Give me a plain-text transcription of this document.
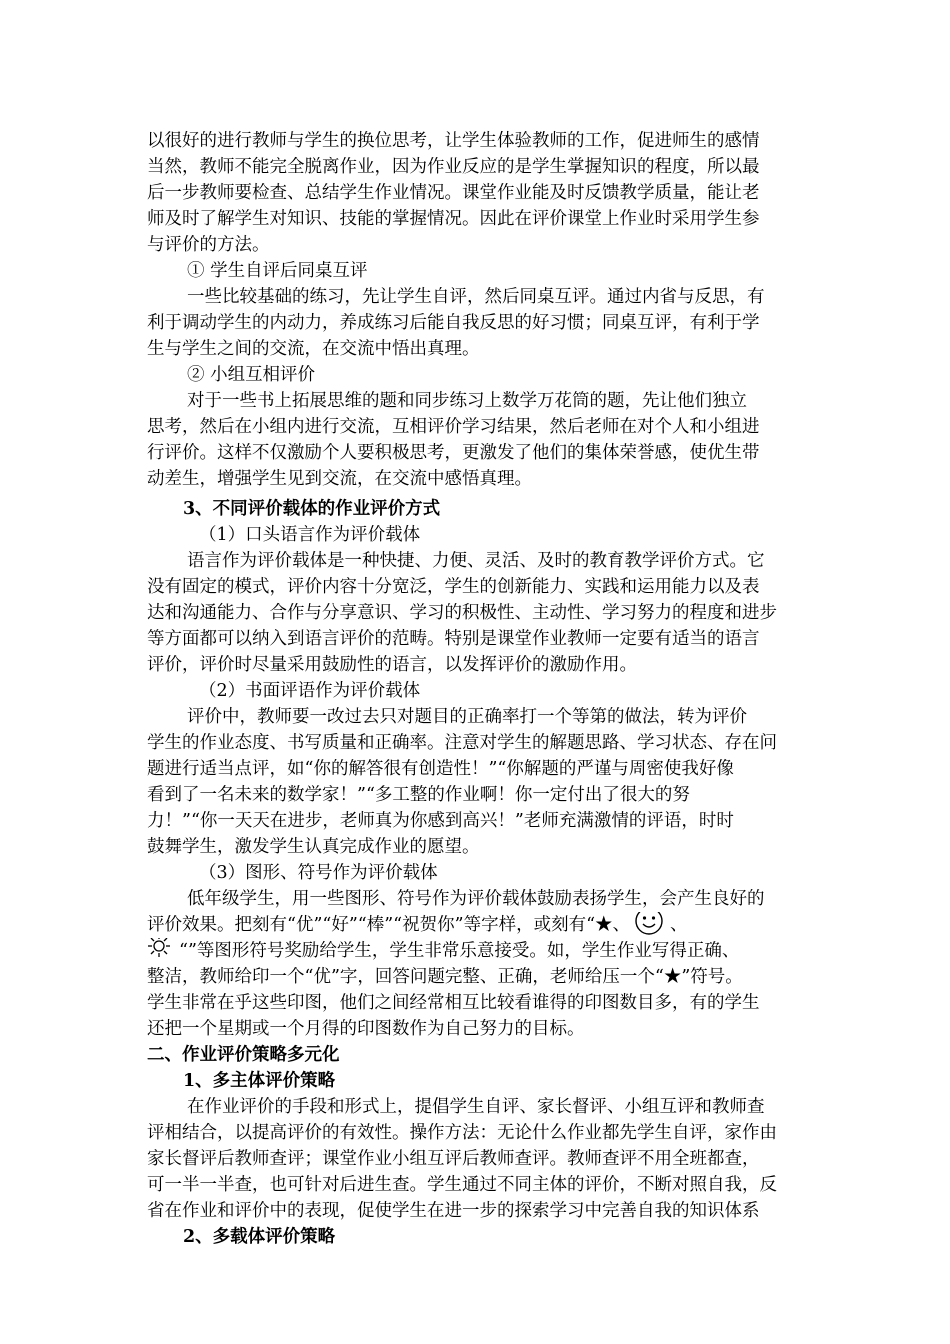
以很好的进行教师与学生的换位思考，让学生体验教师的工作，促进师生的感情
当然，教师不能完全脱离作业，因为作业反应的是学生掌握知识的程度，所以最
后一步教师要检查、总结学生作业情况。课堂作业能及时反馈教学质量，能让老
师及时了解学生对知识、技能的掌握情况。因此在评价课堂上作业时采用学生参
与评价的方法。
① 学生自评后同桌互评
一些比较基础的练习，先让学生自评，然后同桌互评。通过内省与反思，有
利于调动学生的内动力，养成练习后能自我反思的好习惯；同桌互评，有利于学
生与学生之间的交流，在交流中悟出真理。
② 小组互相评价
对于一些书上拓展思维的题和同步练习上数学万花筒的题，先让他们独立
思考，然后在小组内进行交流，互相评价学习结果，然后老师在对个人和小组进
行评价。这样不仅激励个人要积极思考，更激发了他们的集体荣誉感，使优生带
动差生，增强学生见到交流，在交流中感悟真理。
3、不同评价载体的作业评价方式
（1）口头语言作为评价载体
语言作为评价载体是一种快捷、力便、灵活、及时的教育教学评价方式。它
没有固定的模式，评价内容十分宽泛，学生的创新能力、实践和运用能力以及表
达和沟通能力、合作与分享意识、学习的积极性、主动性、学习努力的程度和进步
等方面都可以纳入到语言评价的范畴。特别是课堂作业教师一定要有适当的语言
评价，评价时尽量采用鼓励性的语言，以发挥评价的激励作用。
（2）书面评语作为评价载体
评价中，教师要一改过去只对题目的正确率打一个等第的做法，转为评价
学生的作业态度、书写质量和正确率。注意对学生的解题思路、学习状态、存在问
题进行适当点评，如“你的解答很有创造性！”“你解题的严谨与周密使我好像
看到了一名未来的数学家！”“多工整的作业啊！你一定付出了很大的努
力！”“你一天天在进步，老师真为你感到高兴！”老师充满激情的评语，时时
鼓舞学生，激发学生认真完成作业的愿望。
（3）图形、符号作为评价载体
低年级学生，用一些图形、符号作为评价载体鼓励表扬学生，会产生良好的
评价效果。把刻有“优”“好”“棒”“祝贺你”等字样，或刻有“★、 、
“”等图形符号奖励给学生，学生非常乐意接受。如，学生作业写得正确、
整洁，教师给印一个“优”字，回答问题完整、正确，老师给压一个“★”符号。
学生非常在乎这些印图，他们之间经常相互比较看谁得的印图数目多，有的学生
还把一个星期或一个月得的印图数作为自己努力的目标。
二、作业评价策略多元化
1、多主体评价策略
在作业评价的手段和形式上，提倡学生自评、家长督评、小组互评和教师查
评相结合，以提高评价的有效性。操作方法：无论什么作业都先学生自评，家作由
家长督评后教师查评；课堂作业小组互评后教师查评。教师查评不用全班都查，
可一半一半查，也可针对后进生查。学生通过不同主体的评价，不断对照自我，反
省在作业和评价中的表现，促使学生在进一步的探索学习中完善自我的知识体系
2、多载体评价策略
